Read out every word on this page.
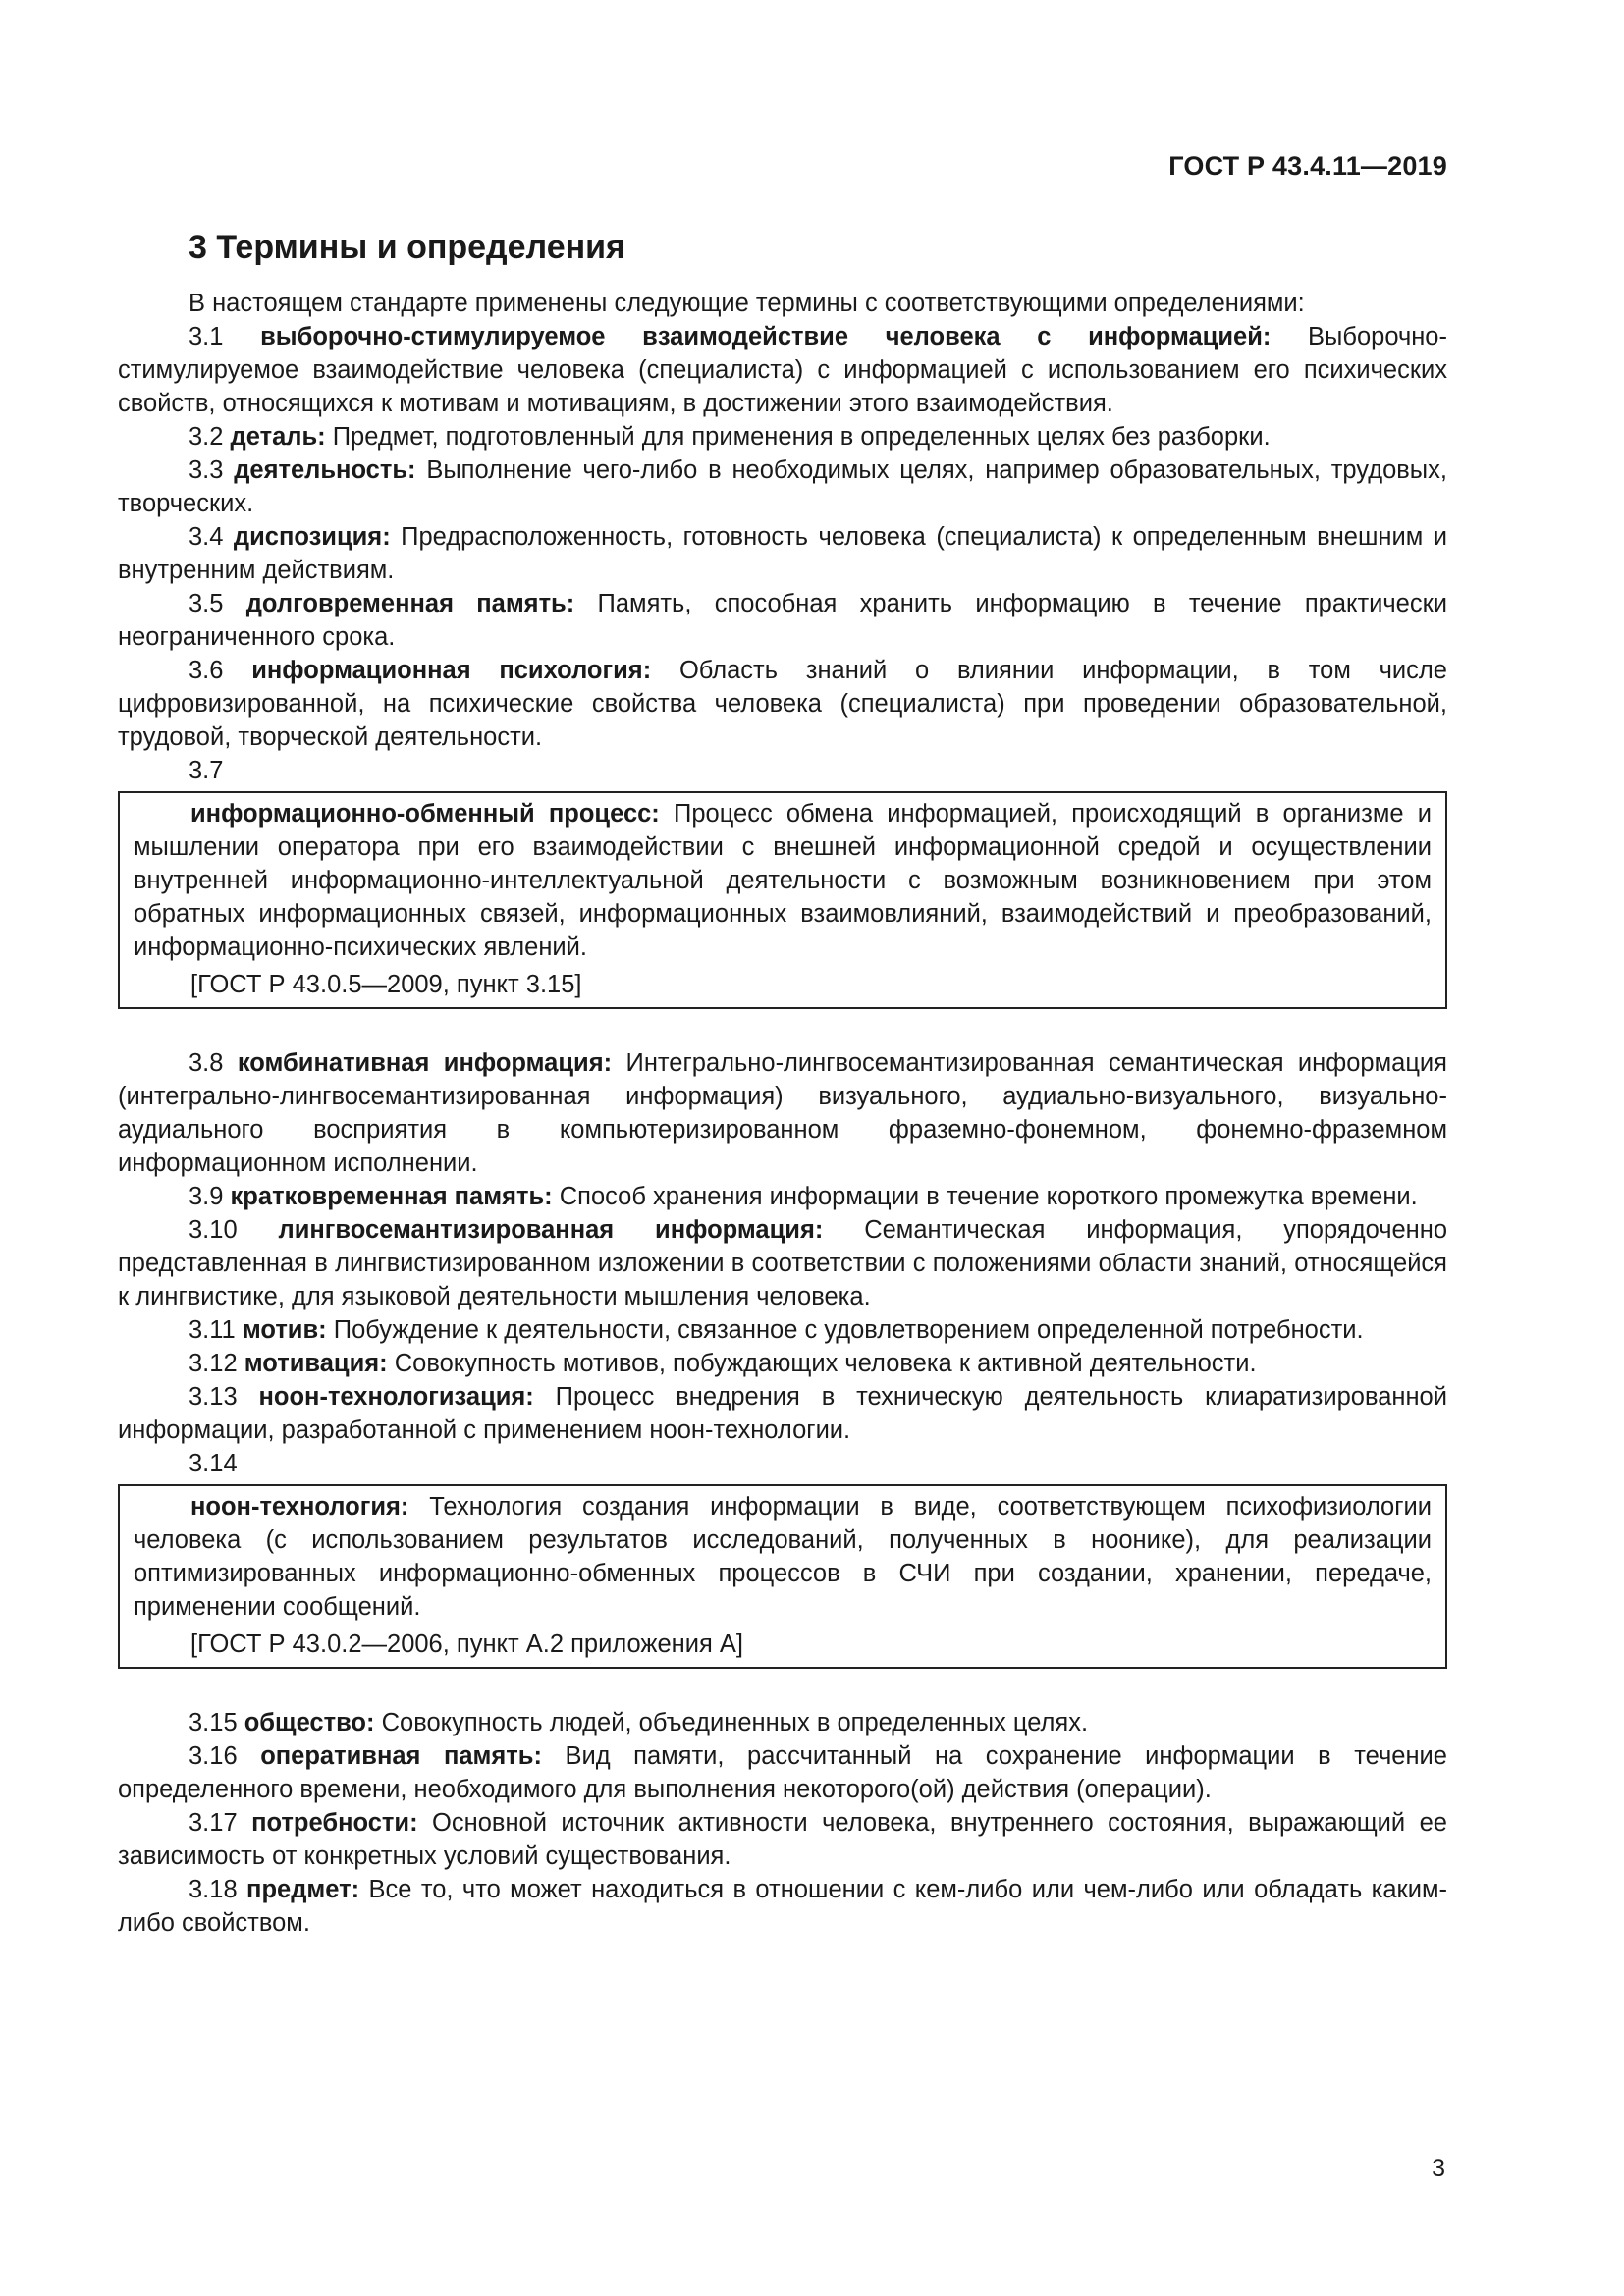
ГОСТ Р 43.4.11—2019
3 Термины и определения

В настоящем стандарте применены следующие термины с соответствующими определениями:

3.1 выборочно-стимулируемое взаимодействие человека с информацией: Выборочно-стимулируемое взаимодействие человека (специалиста) с информацией с использованием его психических свойств, относящихся к мотивам и мотивациям, в достижении этого взаимодействия.

3.2 деталь: Предмет, подготовленный для применения в определенных целях без разборки.

3.3 деятельность: Выполнение чего-либо в необходимых целях, например образовательных, трудовых, творческих.

3.4 диспозиция: Предрасположенность, готовность человека (специалиста) к определенным внешним и внутренним действиям.

3.5 долговременная память: Память, способная хранить информацию в течение практически неограниченного срока.

3.6 информационная психология: Область знаний о влиянии информации, в том числе цифровизированной, на психические свойства человека (специалиста) при проведении образовательной, трудовой, творческой деятельности.

3.7

информационно-обменный процесс: Процесс обмена информацией, происходящий в организме и мышлении оператора при его взаимодействии с внешней информационной средой и осуществлении внутренней информационно-интеллектуальной деятельности с возможным возникновением при этом обратных информационных связей, информационных взаимовлияний, взаимодействий и преобразований, информационно-психических явлений.

[ГОСТ Р 43.0.5—2009, пункт 3.15]

3.8 комбинативная информация: Интегрально-лингвосемантизированная семантическая информация (интегрально-лингвосемантизированная информация) визуального, аудиально-визуального, визуально-аудиального восприятия в компьютеризированном фраземно-фонемном, фонемно-фраземном информационном исполнении.

3.9 кратковременная память: Способ хранения информации в течение короткого промежутка времени.

3.10 лингвосемантизированная информация: Семантическая информация, упорядоченно представленная в лингвистизированном изложении в соответствии с положениями области знаний, относящейся к лингвистике, для языковой деятельности мышления человека.

3.11 мотив: Побуждение к деятельности, связанное с удовлетворением определенной потребности.

3.12 мотивация: Совокупность мотивов, побуждающих человека к активной деятельности.

3.13 ноон-технологизация: Процесс внедрения в техническую деятельность клиаратизированной информации, разработанной с применением ноон-технологии.

3.14

ноон-технология: Технология создания информации в виде, соответствующем психофизиологии человека (с использованием результатов исследований, полученных в ноонике), для реализации оптимизированных информационно-обменных процессов в СЧИ при создании, хранении, передаче, применении сообщений.

[ГОСТ Р 43.0.2—2006, пункт А.2 приложения А]

3.15 общество: Совокупность людей, объединенных в определенных целях.

3.16 оперативная память: Вид памяти, рассчитанный на сохранение информации в течение определенного времени, необходимого для выполнения некоторого(ой) действия (операции).

3.17 потребности: Основной источник активности человека, внутреннего состояния, выражающий ее зависимость от конкретных условий существования.

3.18 предмет: Все то, что может находиться в отношении с кем-либо или чем-либо или обладать каким-либо свойством.

3
